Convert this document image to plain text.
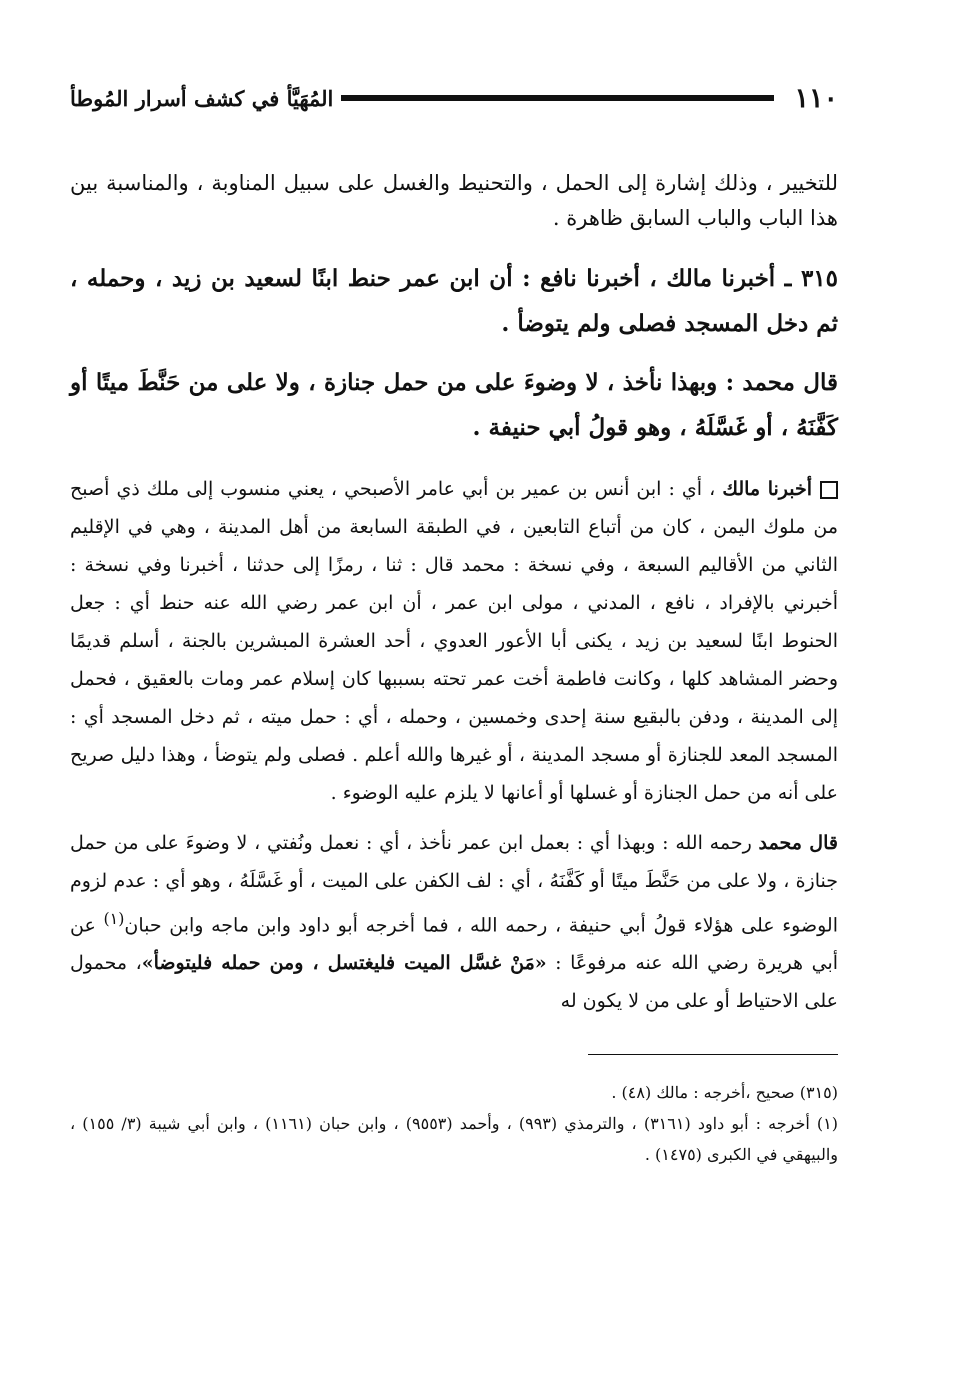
١١٠
المُهَيَّأ في كشف أسرار المُوطأ

للتخيير ، وذلك إشارة إلى الحمل ، والتحنيط والغسل على سبيل المناوبة ، والمناسبة بين هذا الباب والباب السابق ظاهرة .

٣١٥ ـ أخبرنا مالك ، أخبرنا نافع : أن ابن عمر حنط ابنًا لسعيد بن زيد ، وحمله ، ثم دخل المسجد فصلى ولم يتوضأ .

قال محمد : وبهذا نأخذ ، لا وضوءَ على من حمل جنازة ، ولا على من حَنَّطَ ميتًا أو كَفَّنَهُ ، أو غَسَّلَهُ ، وهو قولُ أبي حنيفة .

أخبرنا مالك ، أي : ابن أنس بن عمير بن أبي عامر الأصبحي ، يعني منسوب إلى ملك ذي أصبح من ملوك اليمن ، كان من أتباع التابعين ، في الطبقة السابعة من أهل المدينة ، وهي في الإقليم الثاني من الأقاليم السبعة ، وفي نسخة : محمد قال : ثنا ، رمزًا إلى حدثنا ، أخبرنا وفي نسخة : أخبرني بالإفراد ، نافع ، المدني ، مولى ابن عمر ، أن ابن عمر رضي الله عنه حنط أي : جعل الحنوط ابنًا لسعيد بن زيد ، يكنى أبا الأعور العدوي ، أحد العشرة المبشرين بالجنة ، أسلم قديمًا وحضر المشاهد كلها ، وكانت فاطمة أخت عمر تحته بسببها كان إسلام عمر ومات بالعقيق ، فحمل إلى المدينة ، ودفن بالبقيع سنة إحدى وخمسين ، وحمله ، أي : حمل ميته ، ثم دخل المسجد أي : المسجد المعد للجنازة أو مسجد المدينة ، أو غيرها والله أعلم . فصلى ولم يتوضأ ، وهذا دليل صريح على أنه من حمل الجنازة أو غسلها أو أعانها لا يلزم عليه الوضوء .

قال محمد رحمه الله : وبهذا أي : بعمل ابن عمر نأخذ ، أي : نعمل ونُفتي ، لا وضوءَ على من حمل جنازة ، ولا على من حَنَّطَ ميتًا أو كَفَّنَهُ ، أي : لف الكفن على الميت ، أو غَسَّلَهُ ، وهو أي : عدم لزوم الوضوء على هؤلاء قولُ أبي حنيفة ، رحمه الله ، فما أخرجه أبو داود وابن ماجه وابن حبان$^{(١)}$ عن أبي هريرة رضي الله عنه مرفوعًا : «مَنْ غسَّل الميت فليغتسل ، ومن حمله فليتوضأ»، محمول على الاحتياط أو على من لا يكون له

(٣١٥) صحيح ،أخرجه : مالك (٤٨) .

(١) أخرجه : أبو داود (٣١٦١) ، والترمذي (٩٩٣) ، وأحمد (٩٥٥٣) ، وابن حبان (١١٦١) ، وابن أبي شيبة (٣/ ١٥٥) ، والبيهقي في الكبرى (١٤٧٥) .
